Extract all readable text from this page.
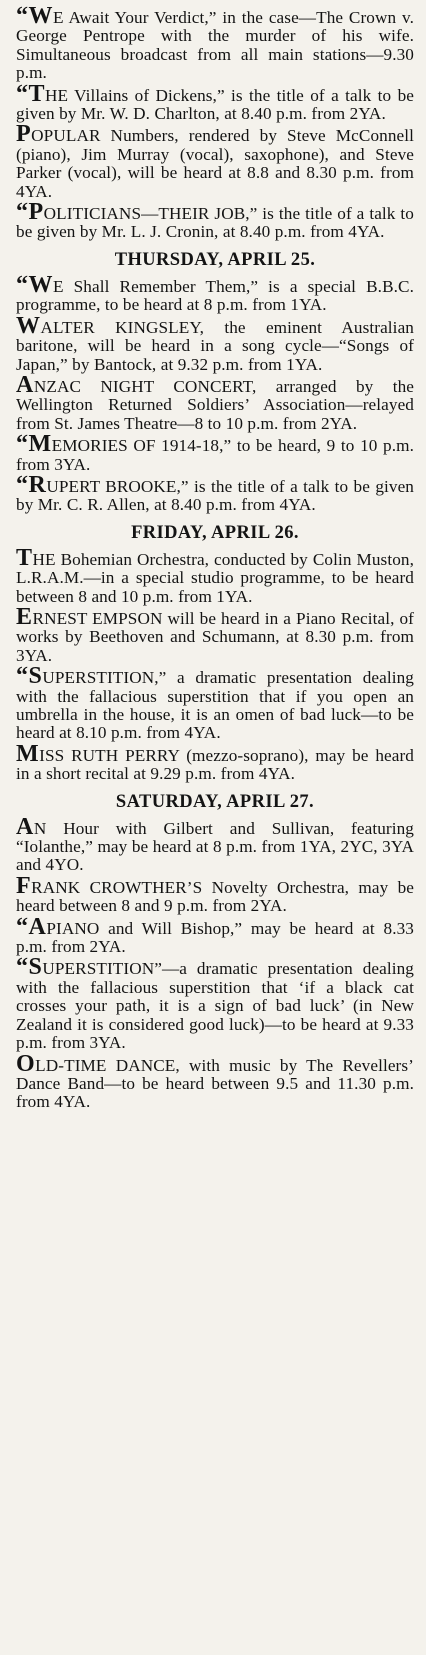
“WE Await Your Verdict,” in the case—The Crown v. George Pentrope with the murder of his wife. Simultaneous broadcast from all main stations—9.30 p.m.

“THE Villains of Dickens,” is the title of a talk to be given by Mr. W. D. Charlton, at 8.40 p.m. from 2YA.

POPULAR Numbers, rendered by Steve McConnell (piano), Jim Murray (vocal), saxophone), and Steve Parker (vocal), will be heard at 8.8 and 8.30 p.m. from 4YA.

“POLITICIANS—THEIR JOB,” is the title of a talk to be given by Mr. L. J. Cronin, at 8.40 p.m. from 4YA.

THURSDAY, APRIL 25.

“WE Shall Remember Them,” is a special B.B.C. programme, to be heard at 8 p.m. from 1YA.

WALTER KINGSLEY, the eminent Australian baritone, will be heard in a song cycle—“Songs of Japan,” by Bantock, at 9.32 p.m. from 1YA.

ANZAC NIGHT CONCERT, arranged by the Wellington Returned Soldiers’ Association—relayed from St. James Theatre—8 to 10 p.m. from 2YA.

“MEMORIES OF 1914-18,” to be heard, 9 to 10 p.m. from 3YA.

“RUPERT BROOKE,” is the title of a talk to be given by Mr. C. R. Allen, at 8.40 p.m. from 4YA.

FRIDAY, APRIL 26.

THE Bohemian Orchestra, conducted by Colin Muston, L.R.A.M.—in a special studio programme, to be heard between 8 and 10 p.m. from 1YA.

ERNEST EMPSON will be heard in a Piano Recital, of works by Beethoven and Schumann, at 8.30 p.m. from 3YA.

“SUPERSTITION,” a dramatic presentation dealing with the fallacious superstition that if you open an umbrella in the house, it is an omen of bad luck—to be heard at 8.10 p.m. from 4YA.

MISS RUTH PERRY (mezzo-soprano), may be heard in a short recital at 9.29 p.m. from 4YA.

SATURDAY, APRIL 27.

AN Hour with Gilbert and Sullivan, featuring “Iolanthe,” may be heard at 8 p.m. from 1YA, 2YC, 3YA and 4YO.

FRANK CROWTHER’S Novelty Orchestra, may be heard between 8 and 9 p.m. from 2YA.

“APIANO and Will Bishop,” may be heard at 8.33 p.m. from 2YA.

“SUPERSTITION”—a dramatic presentation dealing with the fallacious superstition that ‘if a black cat crosses your path, it is a sign of bad luck’ (in New Zealand it is considered good luck)—to be heard at 9.33 p.m. from 3YA.

OLD-TIME DANCE, with music by The Revellers’ Dance Band—to be heard between 9.5 and 11.30 p.m. from 4YA.
